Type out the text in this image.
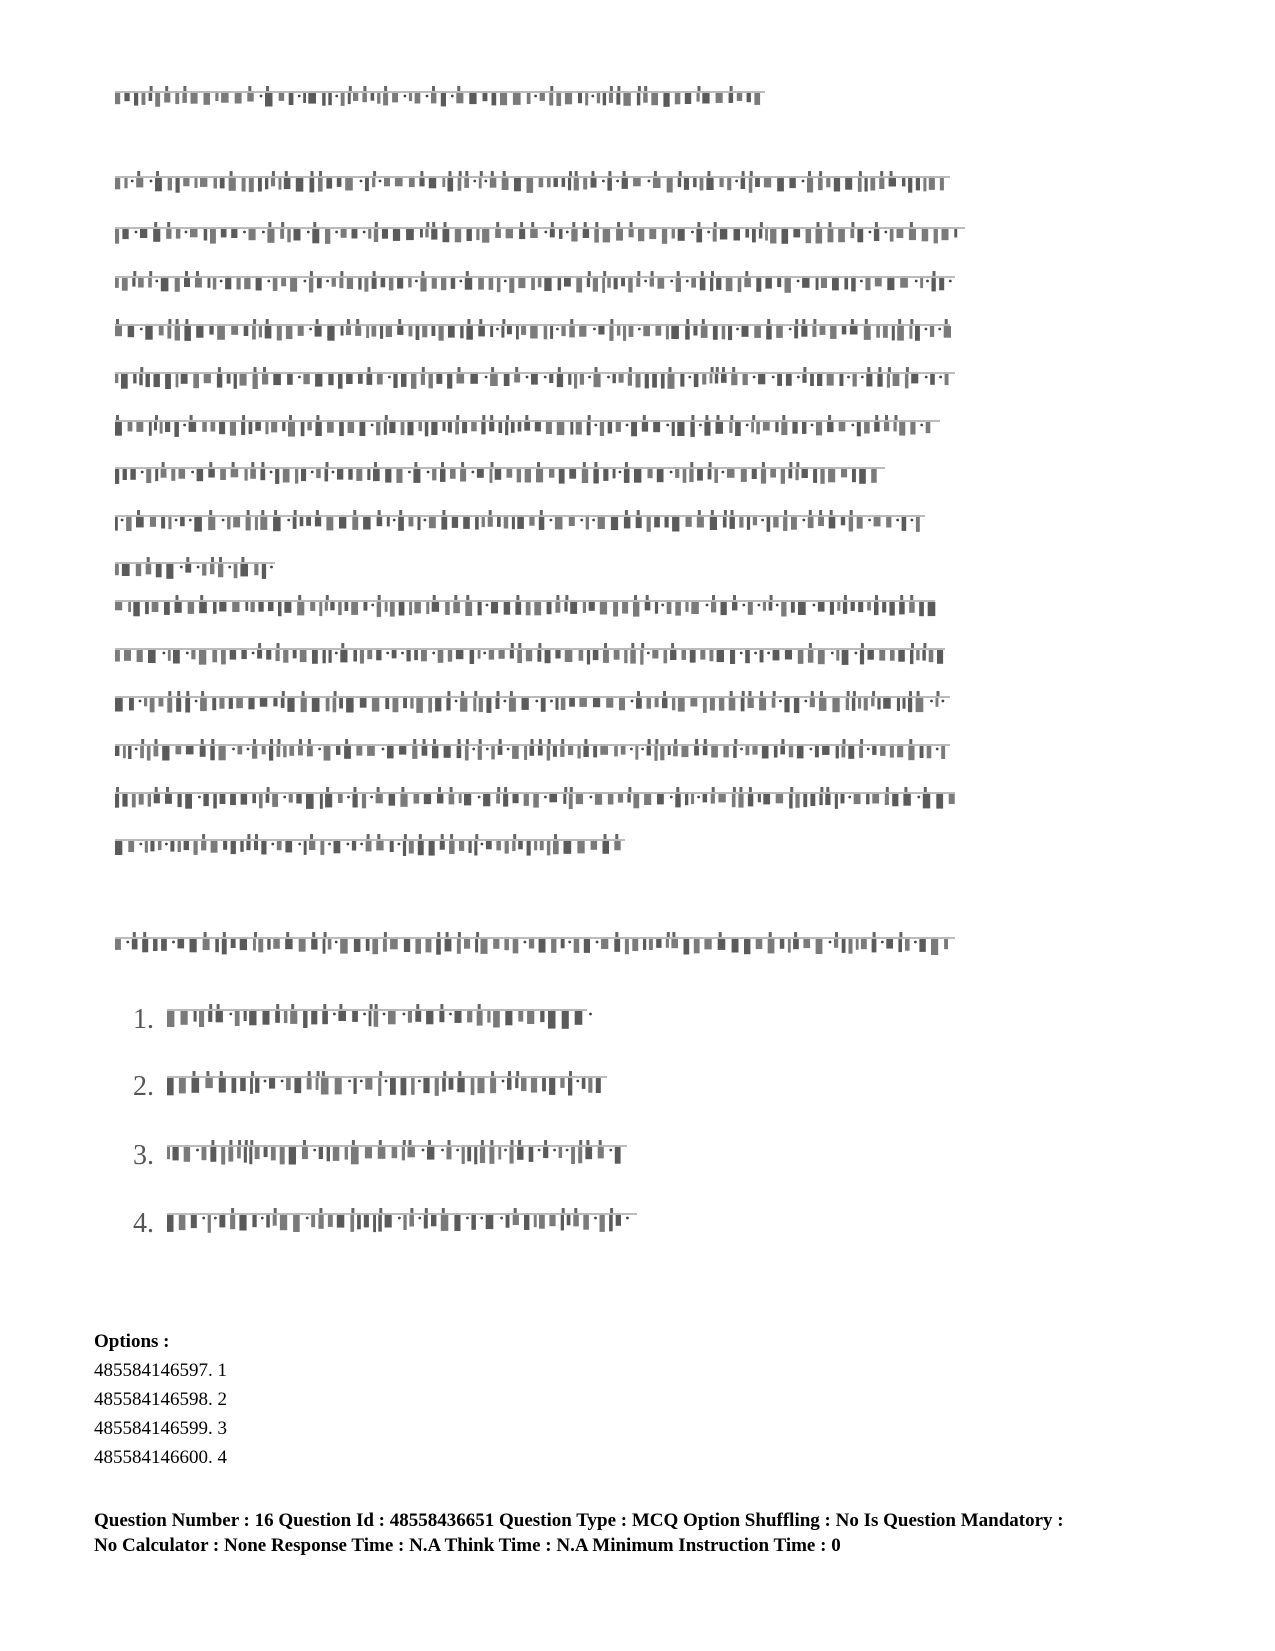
1.
2.
3.
4.
Options :
485584146597. 1
485584146598. 2
485584146599. 3
485584146600. 4
Question Number : 16 Question Id : 48558436651 Question Type : MCQ Option Shuffling : No Is Question Mandatory :
No Calculator : None Response Time : N.A Think Time : N.A Minimum Instruction Time : 0
